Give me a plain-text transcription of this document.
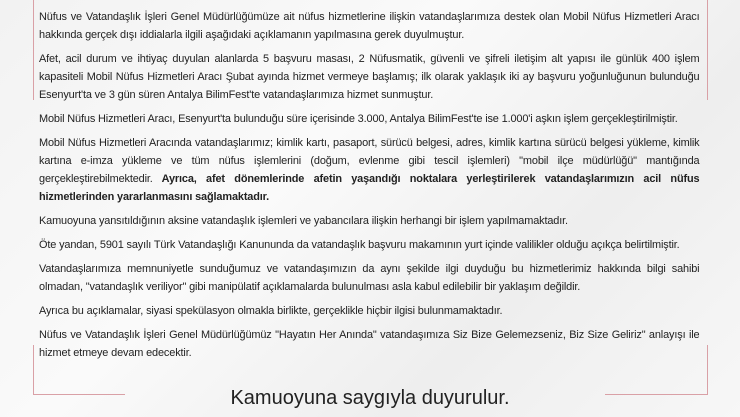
Nüfus ve Vatandaşlık İşleri Genel Müdürlüğümüze ait nüfus hizmetlerine ilişkin vatandaşlarımıza destek olan Mobil Nüfus Hizmetleri Aracı hakkında gerçek dışı iddialarla ilgili aşağıdaki açıklamanın yapılmasına gerek duyulmuştur.

Afet, acil durum ve ihtiyaç duyulan alanlarda 5 başvuru masası, 2 Nüfusmatik, güvenli ve şifreli iletişim alt yapısı ile günlük 400 işlem kapasiteli Mobil Nüfus Hizmetleri Aracı Şubat ayında hizmet vermeye başlamış; ilk olarak yaklaşık iki ay başvuru yoğunluğunun bulunduğu Esenyurt'ta ve 3 gün süren Antalya BilimFest'te vatandaşlarımıza hizmet sunmuştur.

Mobil Nüfus Hizmetleri Aracı, Esenyurt'ta bulunduğu süre içerisinde 3.000, Antalya BilimFest'te ise 1.000'i aşkın işlem gerçekleştirilmiştir.

Mobil Nüfus Hizmetleri Aracında vatandaşlarımız; kimlik kartı, pasaport, sürücü belgesi, adres, kimlik kartına sürücü belgesi yükleme, kimlik kartına e-imza yükleme ve tüm nüfus işlemlerini (doğum, evlenme gibi tescil işlemleri) "mobil ilçe müdürlüğü" mantığında gerçekleştirebilmektedir. Ayrıca, afet dönemlerinde afetin yaşandığı noktalara yerleştirilerek vatandaşlarımızın acil nüfus hizmetlerinden yararlanmasını sağlamaktadır.

Kamuoyuna yansıtıldığının aksine vatandaşlık işlemleri ve yabancılara ilişkin herhangi bir işlem yapılmamaktadır.

Öte yandan, 5901 sayılı Türk Vatandaşlığı Kanununda da vatandaşlık başvuru makamının yurt içinde valilikler olduğu açıkça belirtilmiştir.

Vatandaşlarımıza memnuniyetle sunduğumuz ve vatandaşımızın da aynı şekilde ilgi duyduğu bu hizmetlerimiz hakkında bilgi sahibi olmadan, "vatandaşlık veriliyor" gibi manipülatif açıklamalarda bulunulması asla kabul edilebilir bir yaklaşım değildir.

Ayrıca bu açıklamalar, siyasi spekülasyon olmakla birlikte, gerçeklikle hiçbir ilgisi bulunmamaktadır.

Nüfus ve Vatandaşlık İşleri Genel Müdürlüğümüz "Hayatın Her Anında" vatandaşımıza Siz Bize Gelemezseniz, Biz Size Geliriz" anlayışı ile hizmet etmeye devam edecektir.

Kamuoyuna saygıyla duyurulur.
